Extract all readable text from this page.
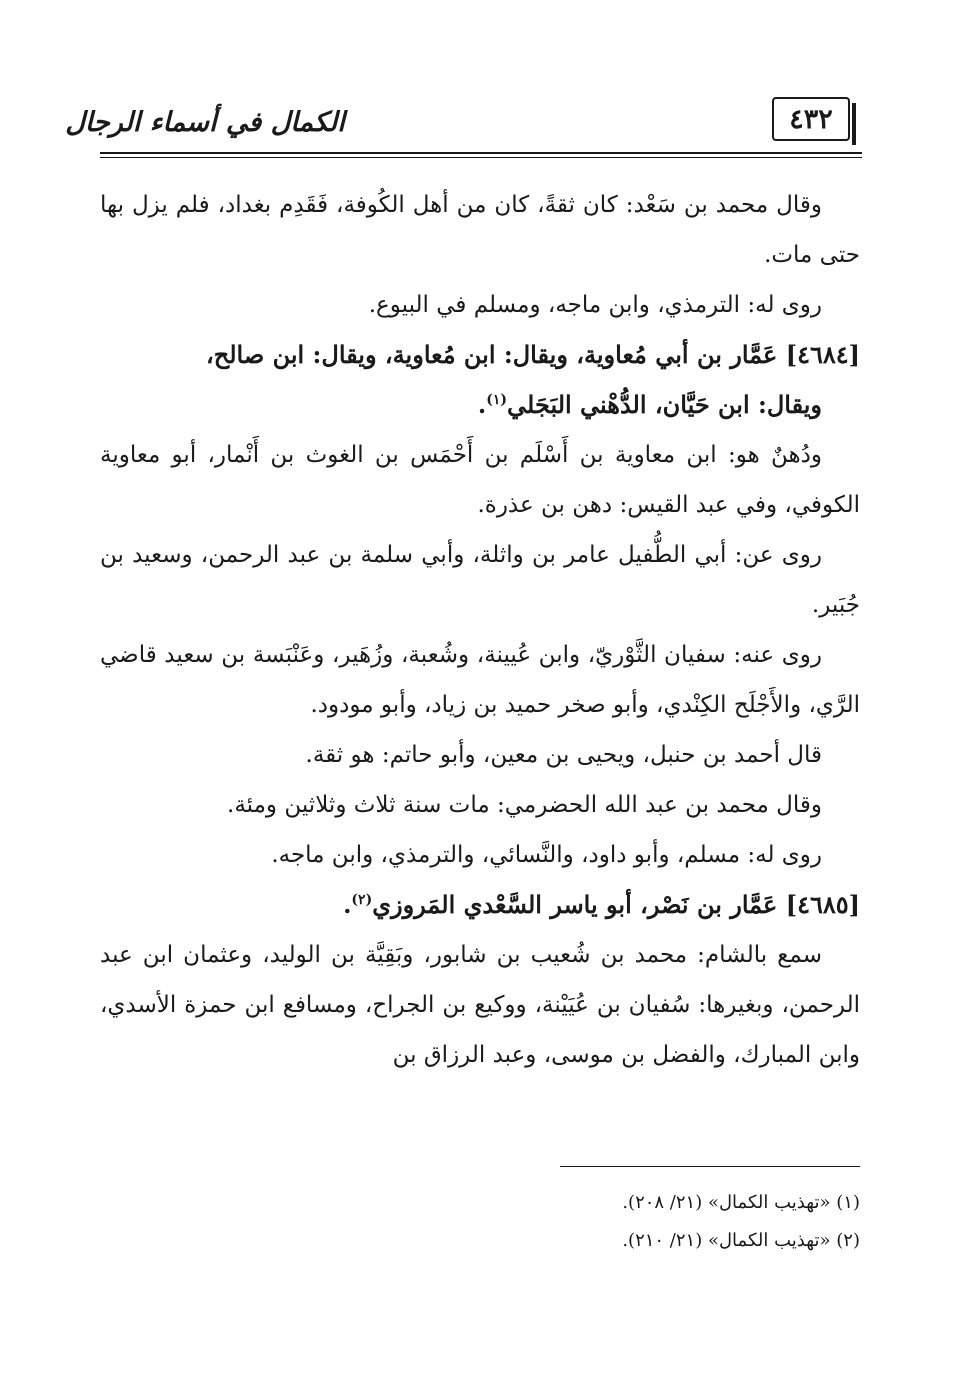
٤٣٢
الكمال في أسماء الرجال

وقال محمد بن سَعْد: كان ثقةً، كان من أهل الكُوفة، فَقَدِم بغداد، فلم يزل بها حتى مات.

روى له: الترمذي، وابن ماجه، ومسلم في البيوع.

[٤٦٨٤] عَمَّار بن أبي مُعاوية، ويقال: ابن مُعاوية، ويقال: ابن صالح،

ويقال: ابن حَيَّان، الدُّهْني البَجَلي$^{(١)}$.

ودُهنٌ هو: ابن معاوية بن أَسْلَم بن أَحْمَس بن الغوث بن أَنْمار، أبو معاوية الكوفي، وفي عبد القيس: دهن بن عذرة.

روى عن: أبي الطُّفيل عامر بن واثلة، وأبي سلمة بن عبد الرحمن، وسعيد بن جُبَير.

روى عنه: سفيان الثَّوْريّ، وابن عُيينة، وشُعبة، وزُهَير، وعَنْبَسة بن سعيد قاضي الرَّي، والأَجْلَح الكِنْدي، وأبو صخر حميد بن زياد، وأبو مودود.

قال أحمد بن حنبل، ويحيى بن معين، وأبو حاتم: هو ثقة.

وقال محمد بن عبد الله الحضرمي: مات سنة ثلاث وثلاثين ومئة.

روى له: مسلم، وأبو داود، والنَّسائي، والترمذي، وابن ماجه.

[٤٦٨٥] عَمَّار بن نَصْر، أبو ياسر السَّعْدي المَروزي$^{(٢)}$.

سمع بالشام: محمد بن شُعيب بن شابور، وبَقِيَّة بن الوليد، وعثمان ابن عبد الرحمن، وبغيرها: سُفيان بن عُيَيْنة، ووكيع بن الجراح، ومسافع ابن حمزة الأسدي، وابن المبارك، والفضل بن موسى، وعبد الرزاق بن

(١) «تهذيب الكمال» (٢١/ ٢٠٨).

(٢) «تهذيب الكمال» (٢١/ ٢١٠).
